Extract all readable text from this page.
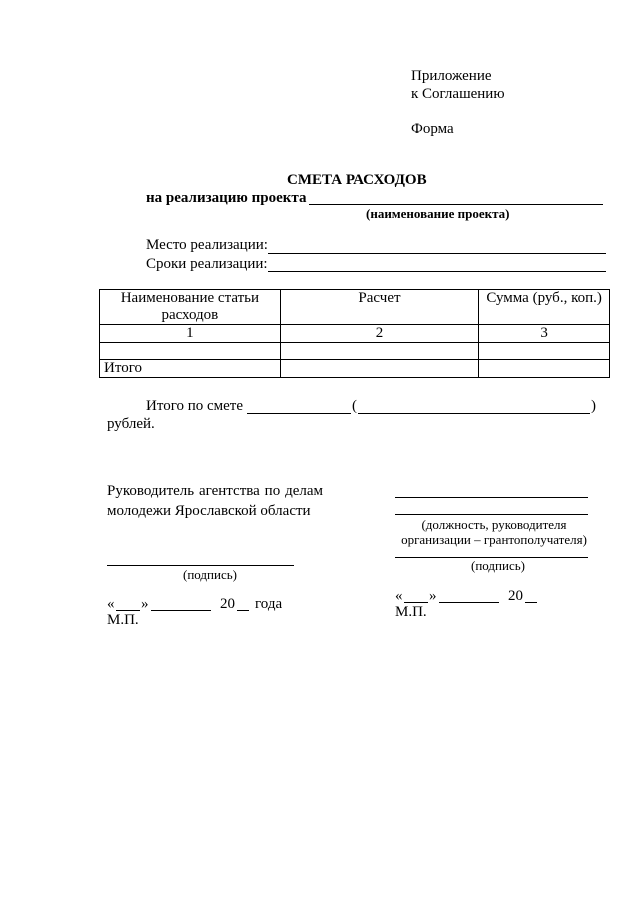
Приложение
к Соглашению
Форма
СМЕТА РАСХОДОВ
на реализацию проекта
(наименование проекта)
Место реализации:
Сроки реализации:
Наименование статьи расходов	Расчет	Сумма (руб., коп.)
1	2	3

Итого		
Итого по смете	(	)
рублей.
Руководитель агентства по делам молодежи Ярославской области
(подпись)
« »	20 года
М.П.
(должность, руководителя организации – грантополучателя)
(подпись)
« »	20
М.П.
